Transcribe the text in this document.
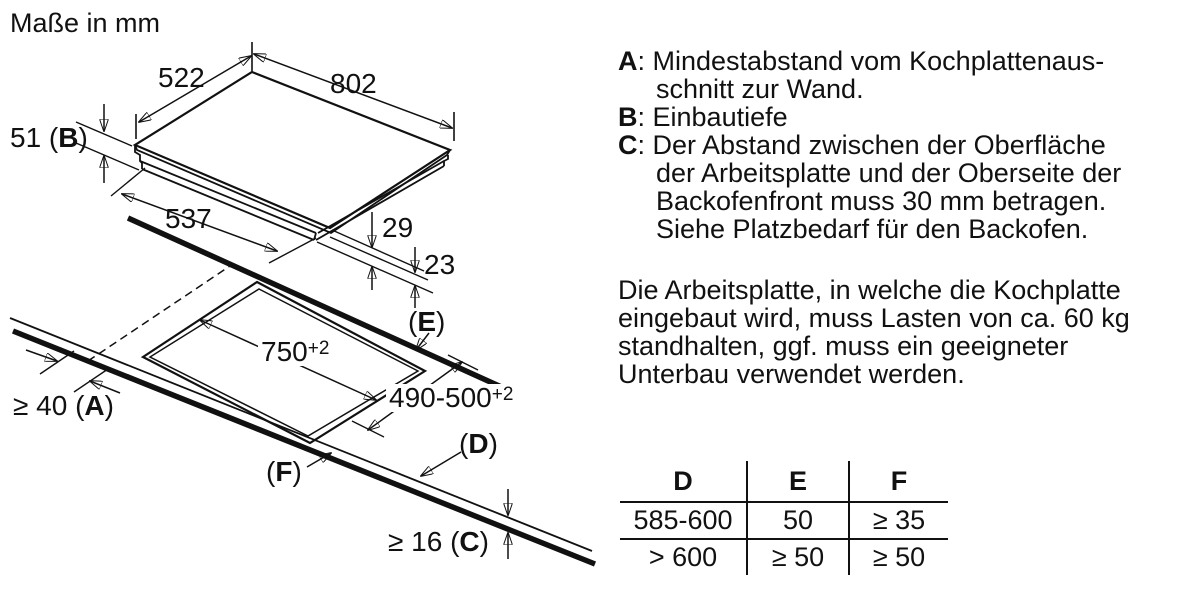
Maße in mm
522	802
51 (B)
537	29
23
$750^{+2}$
$490-500^{+2}$
≥ 40 (A)
(E)
(D)
(F)
≥ 16 (C)
A: Mindestabstand vom Kochplattenaus-
schnitt zur Wand.
B: Einbautiefe
C: Der Abstand zwischen der Oberfläche
der Arbeitsplatte und der Oberseite der
Backofenfront muss 30 mm betragen.
Siehe Platzbedarf für den Backofen.
Die Arbeitsplatte, in welche die Kochplatte
eingebaut wird, muss Lasten von ca. 60 kg
standhalten, ggf. muss ein geeigneter
Unterbau verwendet werden.
D	E	F
585-600	50	≥ 35
> 600	≥ 50	≥ 50
